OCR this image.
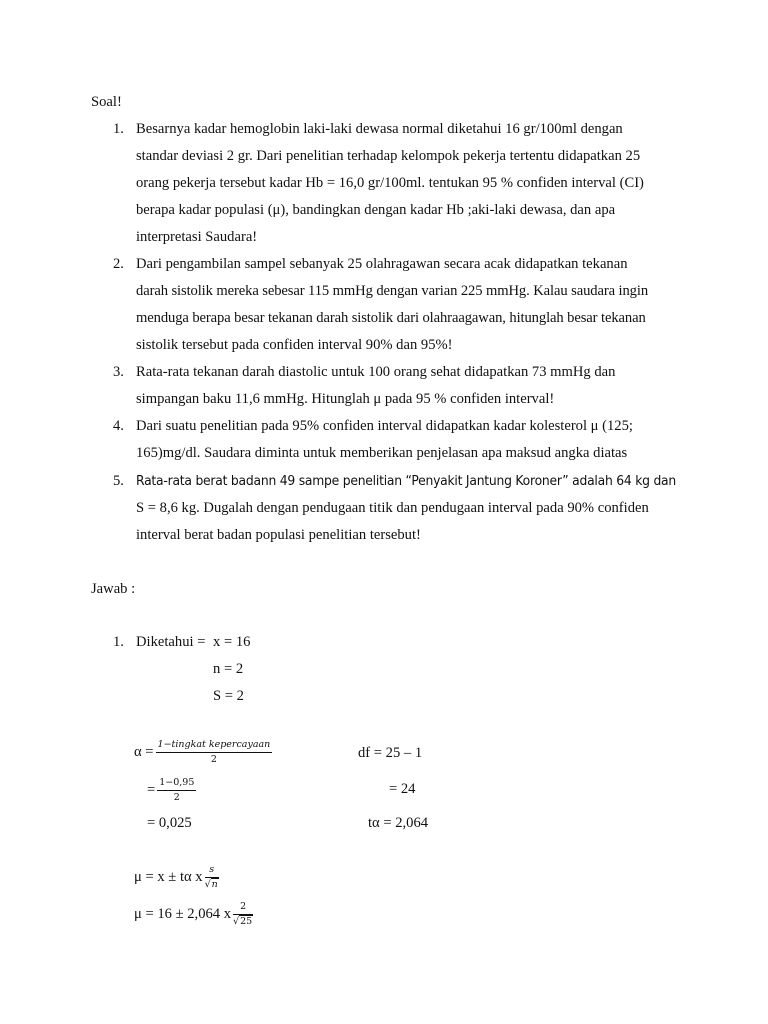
Soal!
1. Besarnya kadar hemoglobin laki-laki dewasa normal diketahui 16 gr/100ml dengan
standar deviasi 2 gr. Dari penelitian terhadap kelompok pekerja tertentu didapatkan 25
orang pekerja tersebut kadar Hb = 16,0 gr/100ml. tentukan 95 % confiden interval (CI)
berapa kadar populasi (μ), bandingkan dengan kadar Hb ;aki-laki dewasa, dan apa
interpretasi Saudara!
2. Dari pengambilan sampel sebanyak 25 olahragawan secara acak didapatkan tekanan
darah sistolik mereka sebesar 115 mmHg dengan varian 225 mmHg. Kalau saudara ingin
menduga berapa besar tekanan darah sistolik dari olahraagawan, hitunglah besar tekanan
sistolik tersebut pada confiden interval 90% dan 95%!
3. Rata-rata tekanan darah diastolic untuk 100 orang sehat didapatkan 73 mmHg dan
simpangan baku 11,6 mmHg. Hitunglah μ pada 95 % confiden interval!
4. Dari suatu penelitian pada 95% confiden interval didapatkan kadar kolesterol μ (125;
165)mg/dl. Saudara diminta untuk memberikan penjelasan apa maksud angka diatas
5. Rata-rata berat badann 49 sampe penelitian “Penyakit Jantung Koroner” adalah 64 kg dan
S = 8,6 kg. Dugalah dengan pendugaan titik dan pendugaan interval pada 90% confiden
interval berat badan populasi penelitian tersebut!
Jawab :
1. Diketahui = x = 16
n = 2
S = 2
$\alpha = \frac{\text{1−tingkat kepercayaan}}{2}$
= $\frac{1-0,95}{2}$
= 0,025
df = 25 – 1
= 24
tα = 2,064
μ = x ± tα x $\frac{s}{√n}$
μ = 16 ± 2,064 x $\frac{2}{√25}$
